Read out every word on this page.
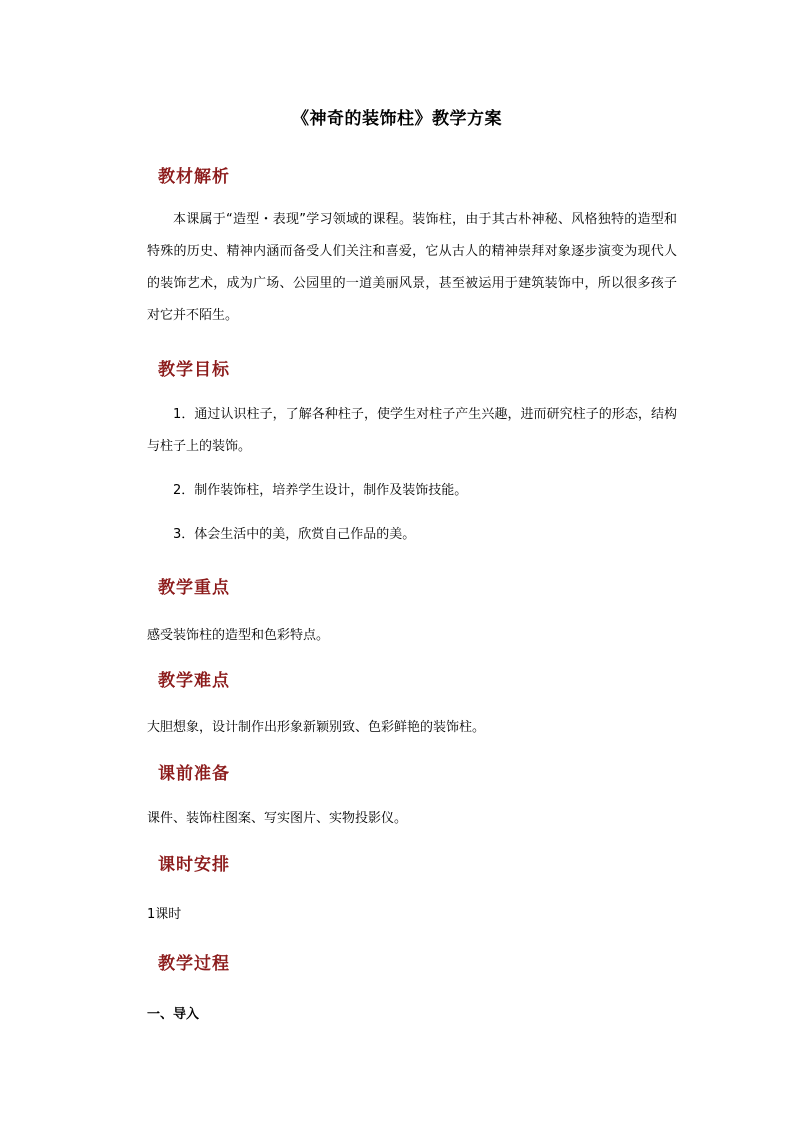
《神奇的装饰柱》教学方案
教材解析
本课属于“造型・表现”学习领域的课程。装饰柱，由于其古朴神秘、风格独特的造型和特殊的历史、精神内涵而备受人们关注和喜爱，它从古人的精神崇拜对象逐步演变为现代人的装饰艺术，成为广场、公园里的一道美丽风景，甚至被运用于建筑装饰中，所以很多孩子对它并不陌生。
教学目标
1．通过认识柱子，了解各种柱子，使学生对柱子产生兴趣，进而研究柱子的形态，结构与柱子上的装饰。
2．制作装饰柱，培养学生设计，制作及装饰技能。
3．体会生活中的美，欣赏自己作品的美。
教学重点
感受装饰柱的造型和色彩特点。
教学难点
大胆想象，设计制作出形象新颖别致、色彩鲜艳的装饰柱。
课前准备
课件、装饰柱图案、写实图片、实物投影仪。
课时安排
1课时
教学过程
一、导入
